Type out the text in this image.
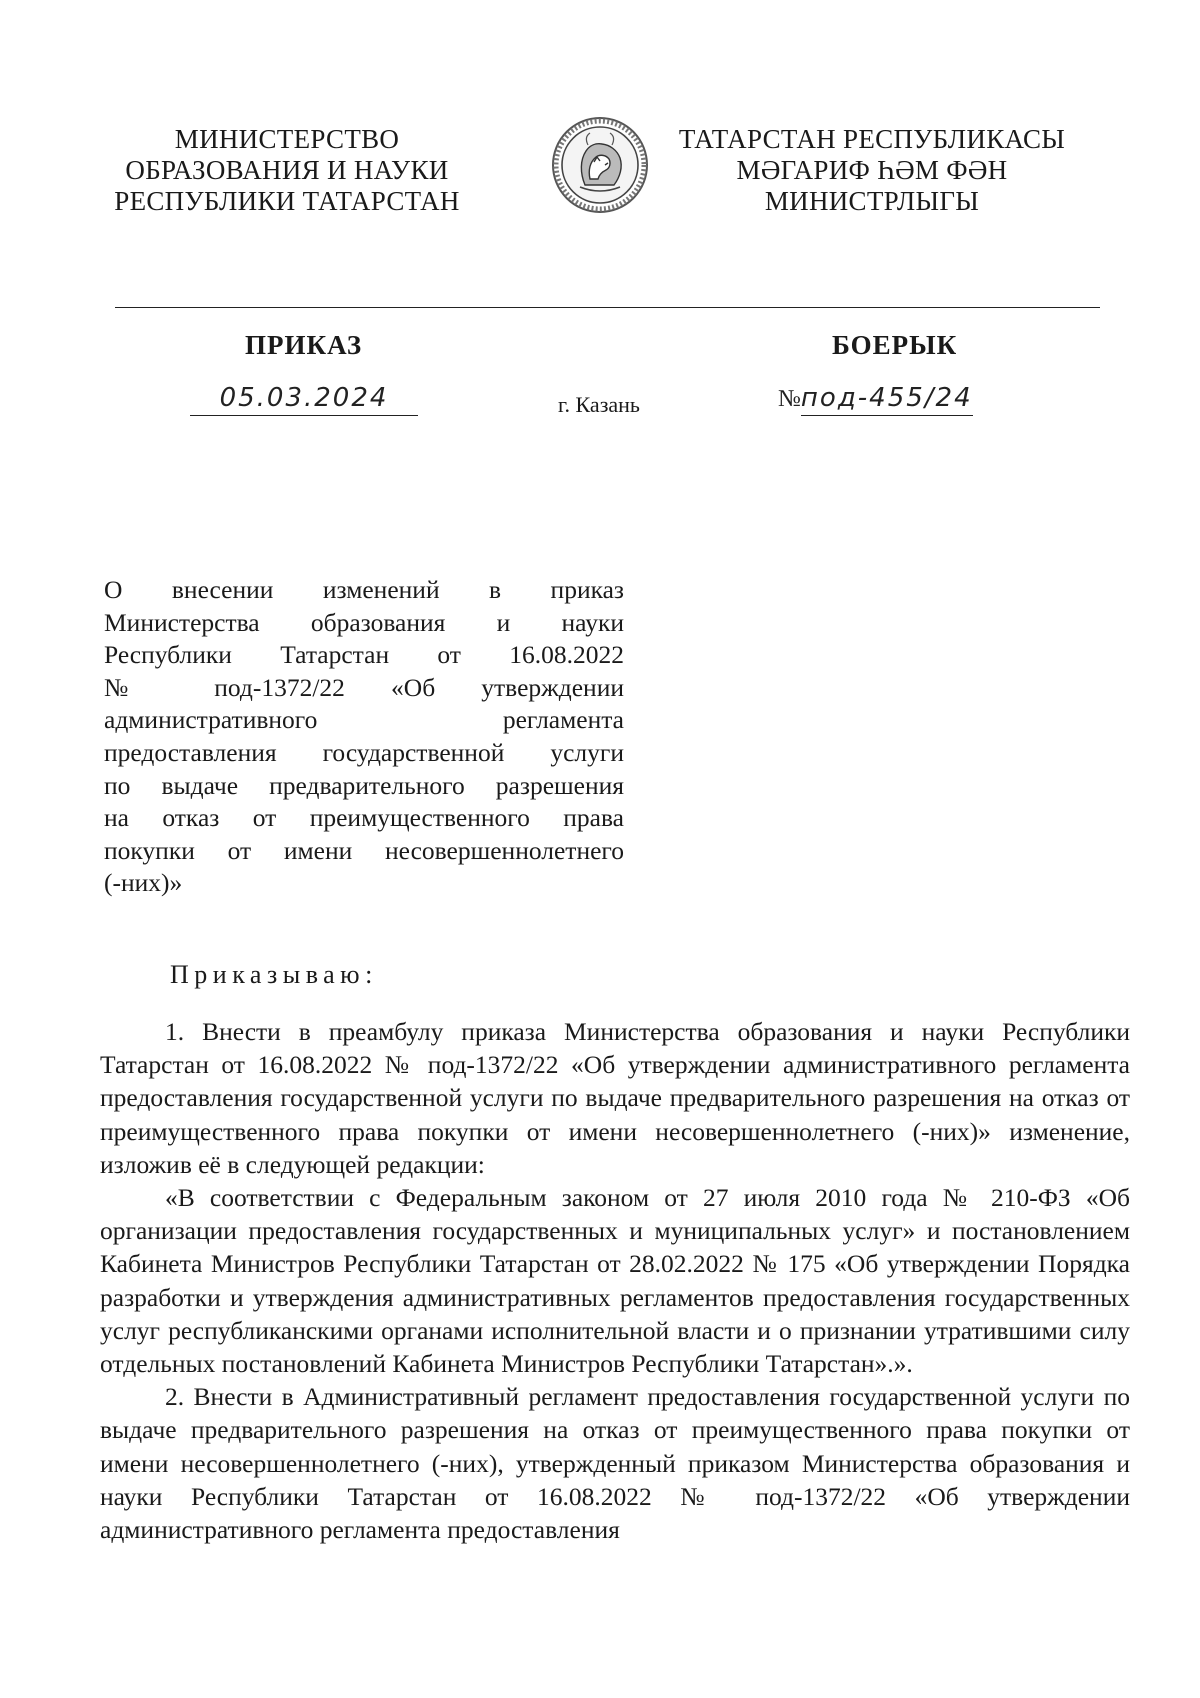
МИНИСТЕРСТВО
ОБРАЗОВАНИЯ И НАУКИ
РЕСПУБЛИКИ ТАТАРСТАН
ТАТАРСТАН РЕСПУБЛИКАСЫ
МӘГАРИФ ҺӘМ ФӘН
МИНИСТРЛЫГЫ
ПРИКАЗ	БОЕРЫК
05.03.2024	г. Казань	№под-455/24
О внесении изменений в приказ
Министерства образования и науки
Республики Татарстан от 16.08.2022
№ под-1372/22 «Об утверждении
административного регламента
предоставления государственной услуги
по выдаче предварительного разрешения
на отказ от преимущественного права
покупки от имени несовершеннолетнего
(-них)»
Приказываю:

1. Внести в преамбулу приказа Министерства образования и науки Республики Татарстан от 16.08.2022 № под-1372/22 «Об утверждении административного регламента предоставления государственной услуги по выдаче предварительного разрешения на отказ от преимущественного права покупки от имени несовершеннолетнего (-них)» изменение, изложив её в следующей редакции:

«В соответствии с Федеральным законом от 27 июля 2010 года № 210-ФЗ «Об организации предоставления государственных и муниципальных услуг» и постановлением Кабинета Министров Республики Татарстан от 28.02.2022 № 175 «Об утверждении Порядка разработки и утверждения административных регламентов предоставления государственных услуг республиканскими органами исполнительной власти и о признании утратившими силу отдельных постановлений Кабинета Министров Республики Татарстан».».

2. Внести в Административный регламент предоставления государственной услуги по выдаче предварительного разрешения на отказ от преимущественного права покупки от имени несовершеннолетнего (-них), утвержденный приказом Министерства образования и науки Республики Татарстан от 16.08.2022 № под-1372/22 «Об утверждении административного регламента предоставления
